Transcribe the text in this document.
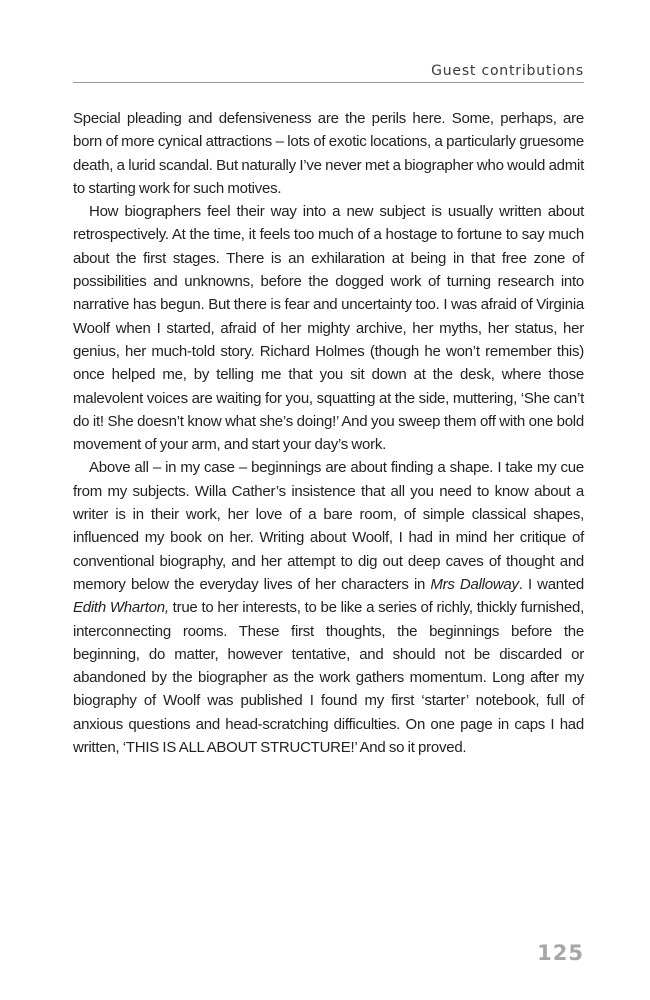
Guest contributions

Special pleading and defensiveness are the perils here. Some, perhaps, are born of more cynical attractions – lots of exotic locations, a particularly gruesome death, a lurid scandal. But naturally I’ve never met a biographer who would admit to starting work for such motives.

How biographers feel their way into a new subject is usually written about retrospectively. At the time, it feels too much of a hostage to fortune to say much about the first stages. There is an exhilaration at being in that free zone of possibilities and unknowns, before the dogged work of turning research into narrative has begun. But there is fear and uncertainty too. I was afraid of Virginia Woolf when I started, afraid of her mighty archive, her myths, her status, her genius, her much-told story. Richard Holmes (though he won’t remember this) once helped me, by telling me that you sit down at the desk, where those malevolent voices are waiting for you, squatting at the side, muttering, ‘She can’t do it! She doesn’t know what she’s doing!’ And you sweep them off with one bold movement of your arm, and start your day’s work.

Above all – in my case – beginnings are about finding a shape. I take my cue from my subjects. Willa Cather’s insistence that all you need to know about a writer is in their work, her love of a bare room, of simple classical shapes, influenced my book on her. Writing about Woolf, I had in mind her critique of conventional biography, and her attempt to dig out deep caves of thought and memory below the everyday lives of her characters in Mrs Dalloway. I wanted Edith Wharton, true to her interests, to be like a series of richly, thickly furnished, interconnecting rooms. These first thoughts, the beginnings before the beginning, do matter, however tentative, and should not be discarded or abandoned by the biographer as the work gathers momentum. Long after my biography of Woolf was published I found my first ‘starter’ notebook, full of anxious questions and head-scratching difficulties. On one page in caps I had written, ‘THIS IS ALL ABOUT STRUCTURE!’ And so it proved.

125
